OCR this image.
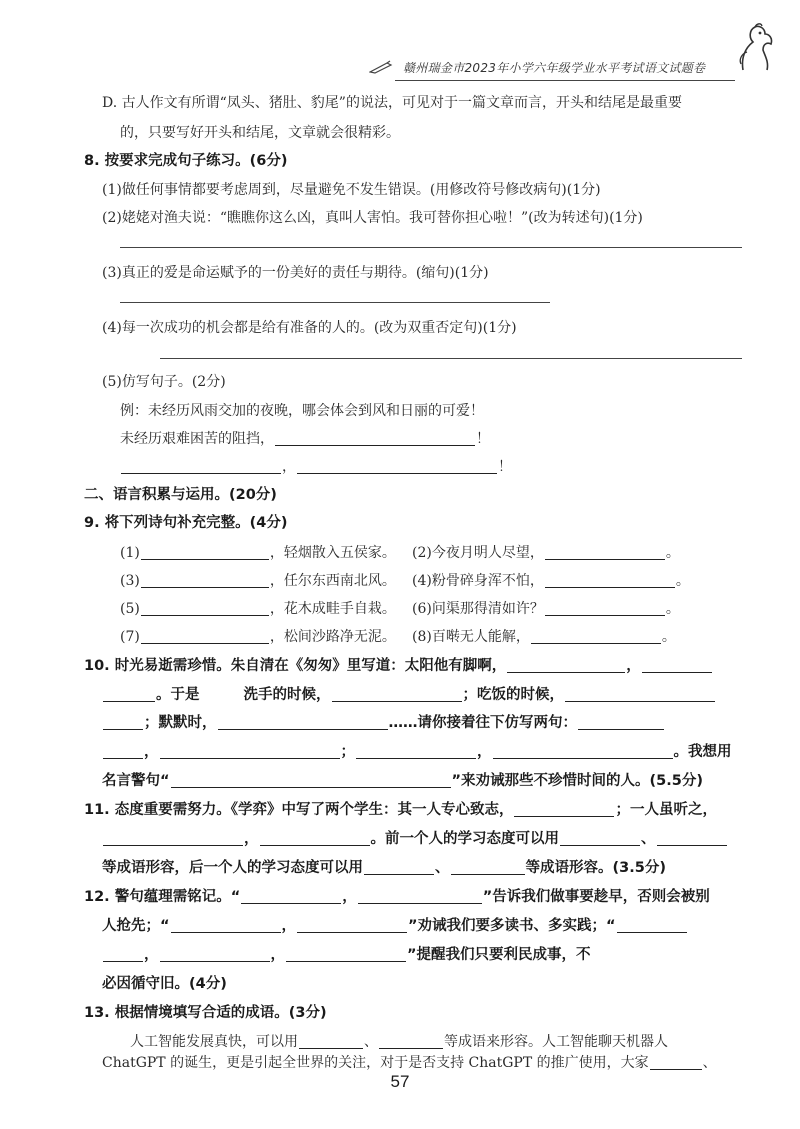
赣州瑞金市2023年小学六年级学业水平考试语文试题卷
D. 古人作文有所谓“凤头、猪肚、豹尾”的说法，可见对于一篇文章而言，开头和结尾是最重要
的，只要写好开头和结尾，文章就会很精彩。
8. 按要求完成句子练习。(6分)
(1)做任何事情都要考虑周到，尽量避免不发生错误。(用修改符号修改病句)(1分)
(2)姥姥对渔夫说：“瞧瞧你这么凶，真叫人害怕。我可替你担心啦！”(改为转述句)(1分)
(3)真正的爱是命运赋予的一份美好的责任与期待。(缩句)(1分)
(4)每一次成功的机会都是给有准备的人的。(改为双重否定句)(1分)
(5)仿写句子。(2分)
例：未经历风雨交加的夜晚，哪会体会到风和日丽的可爱！
未经历艰难困苦的阻挡，	！
，	！
二、语言积累与运用。(20分)
9. 将下列诗句补充完整。(4分)
(1)	，轻烟散入五侯家。	(2)今夜月明人尽望，	。
(3)	，任尔东西南北风。	(4)粉骨碎身浑不怕，	。
(5)	，花木成畦手自栽。	(6)问渠那得清如许？	。
(7)	，松间沙路净无泥。	(8)百啭无人能解，	。
10. 时光易逝需珍惜。朱自清在《匆匆》里写道：太阳他有脚啊，	，
。于是	洗手的时候，	；吃饭的时候，
；默默时，	……请你接着往下仿写两句：
，	；	，	。我想用
名言警句“	”来劝诫那些不珍惜时间的人。(5.5分)
11. 态度重要需努力。《学弈》中写了两个学生：其一人专心致志，	；一人虽听之，
，	。前一个人的学习态度可以用	、
等成语形容，后一个人的学习态度可以用	、	等成语形容。(3.5分)
12. 警句蕴理需铭记。“	，	”告诉我们做事要趁早，否则会被别
人抢先；“	，	”劝诫我们要多读书、多实践；“
，	，	”提醒我们只要利民成事，不
必因循守旧。(4分)
13. 根据情境填写合适的成语。(3分)
人工智能发展真快，可以用	、	等成语来形容。人工智能聊天机器人
ChatGPT 的诞生，更是引起全世界的关注，对于是否支持 ChatGPT 的推广使用，大家	、
57
